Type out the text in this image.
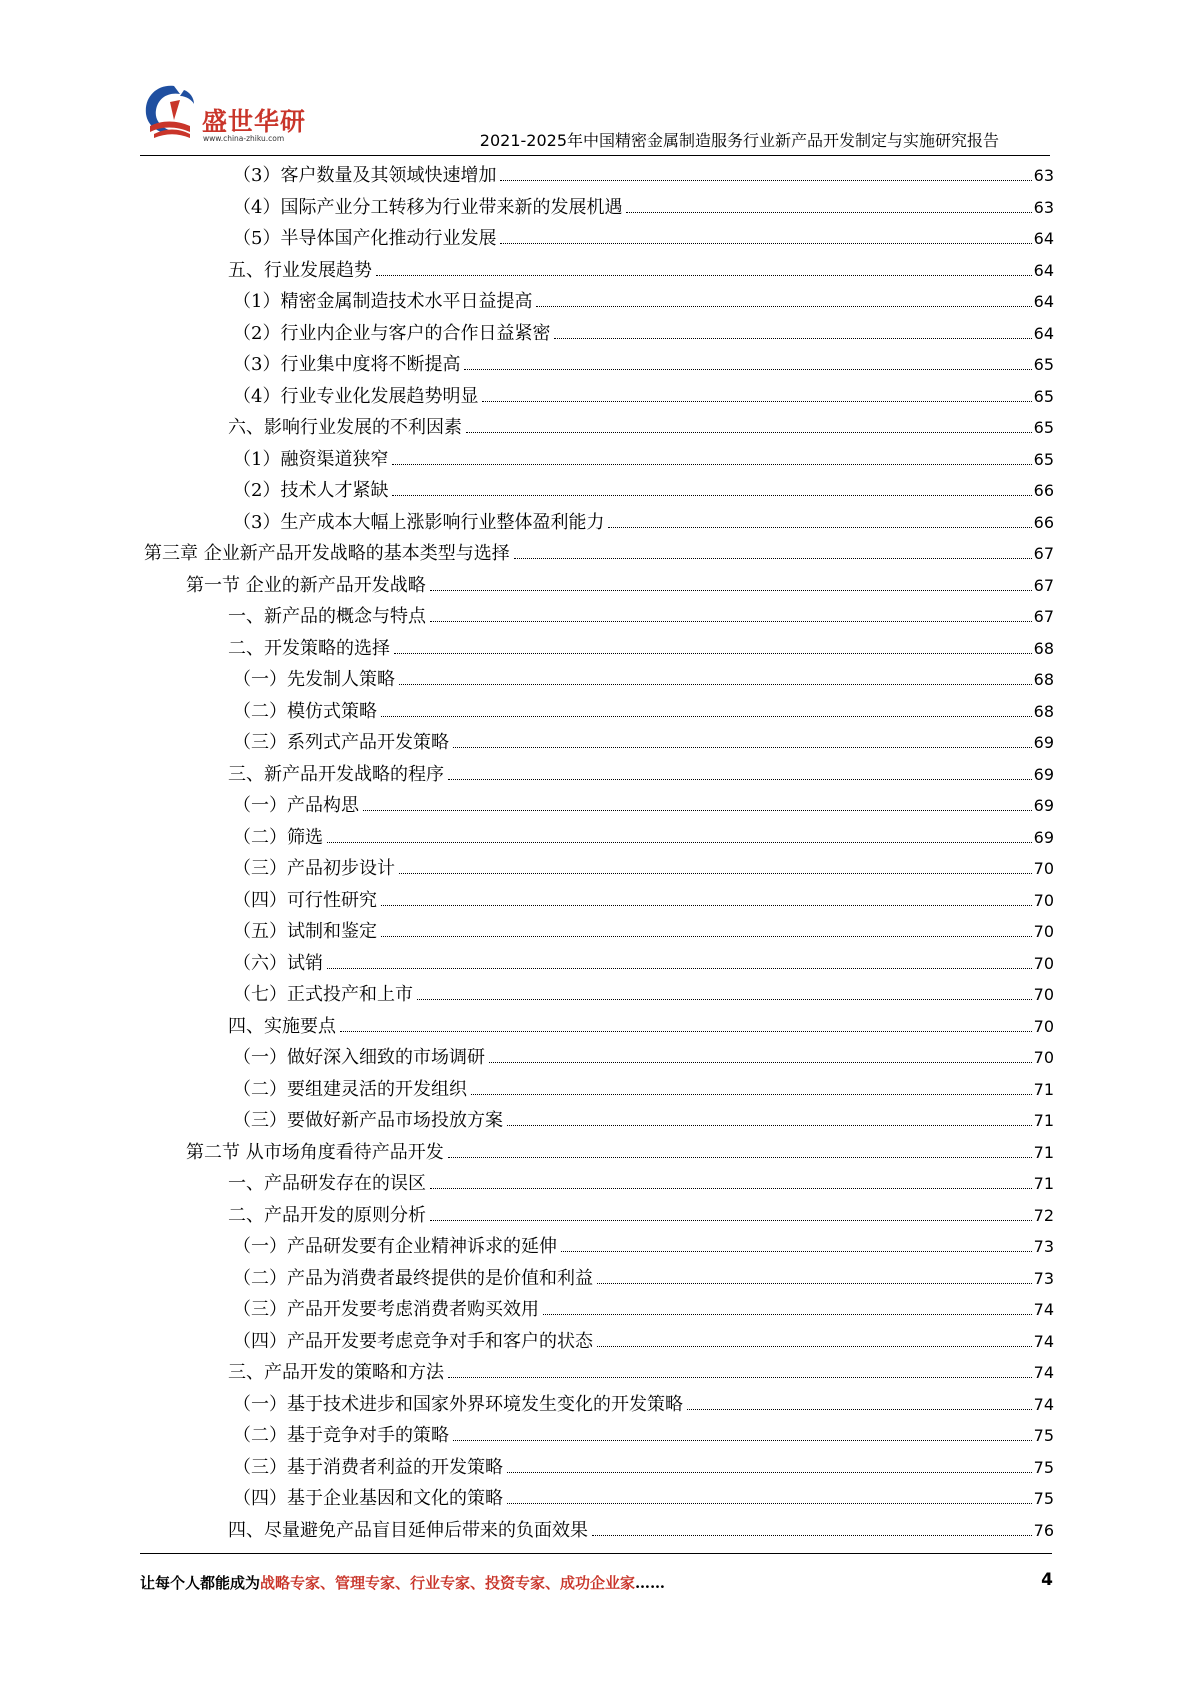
盛世华研
www.china-zhiku.com	2021-2025年中国精密金属制造服务行业新产品开发制定与实施研究报告
（3）客户数量及其领域快速增加	63
（4）国际产业分工转移为行业带来新的发展机遇	63
（5）半导体国产化推动行业发展	64
五、行业发展趋势	64
（1）精密金属制造技术水平日益提高	64
（2）行业内企业与客户的合作日益紧密	64
（3）行业集中度将不断提高	65
（4）行业专业化发展趋势明显	65
六、影响行业发展的不利因素	65
（1）融资渠道狭窄	65
（2）技术人才紧缺	66
（3）生产成本大幅上涨影响行业整体盈利能力	66
第三章 企业新产品开发战略的基本类型与选择	67
第一节 企业的新产品开发战略	67
一、新产品的概念与特点	67
二、开发策略的选择	68
（一）先发制人策略	68
（二）模仿式策略	68
（三）系列式产品开发策略	69
三、新产品开发战略的程序	69
（一）产品构思	69
（二）筛选	69
（三）产品初步设计	70
（四）可行性研究	70
（五）试制和鉴定	70
（六）试销	70
（七）正式投产和上市	70
四、实施要点	70
（一）做好深入细致的市场调研	70
（二）要组建灵活的开发组织	71
（三）要做好新产品市场投放方案	71
第二节 从市场角度看待产品开发	71
一、产品研发存在的误区	71
二、产品开发的原则分析	72
（一）产品研发要有企业精神诉求的延伸	73
（二）产品为消费者最终提供的是价值和利益	73
（三）产品开发要考虑消费者购买效用	74
（四）产品开发要考虑竞争对手和客户的状态	74
三、产品开发的策略和方法	74
（一）基于技术进步和国家外界环境发生变化的开发策略	74
（二）基于竞争对手的策略	75
（三）基于消费者利益的开发策略	75
（四）基于企业基因和文化的策略	75
四、尽量避免产品盲目延伸后带来的负面效果	76
让每个人都能成为战略专家、管理专家、行业专家、投资专家、成功企业家……	4
